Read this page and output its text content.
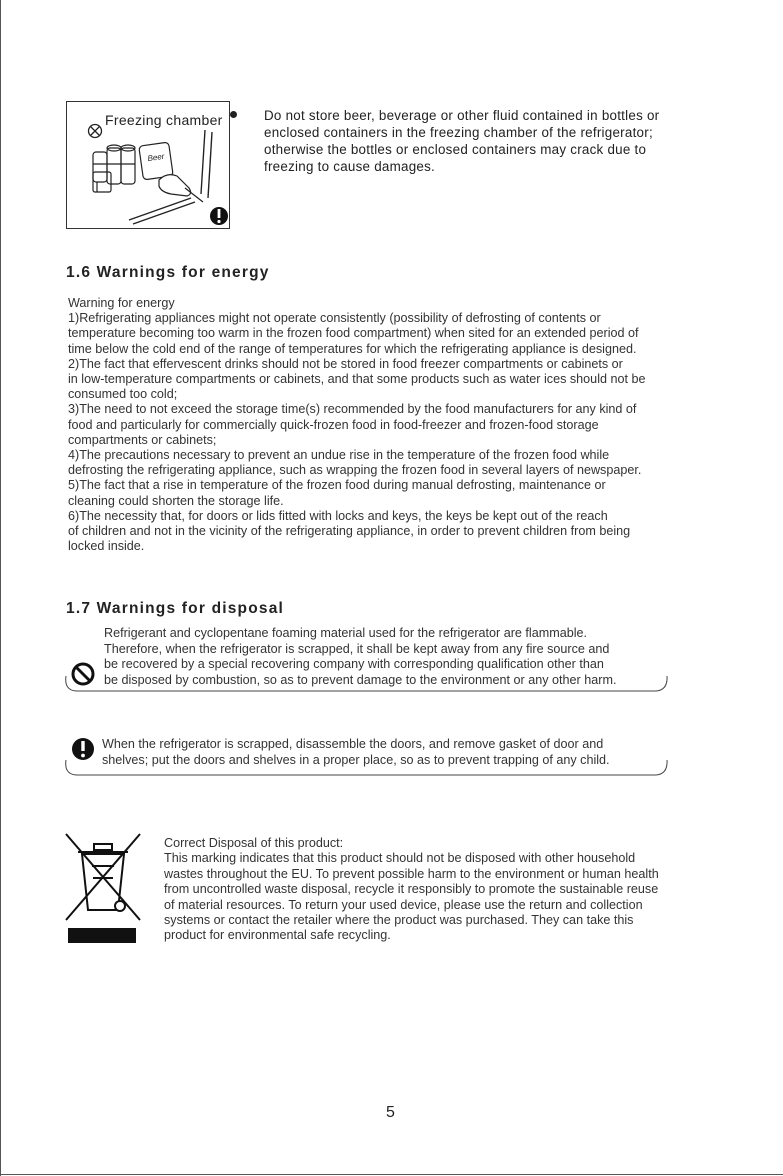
Beer
Freezing chamber	Do not store beer, beverage or other fluid contained in bottles or
enclosed containers in the freezing chamber of the refrigerator;
otherwise the bottles or enclosed containers may crack due to
freezing to cause damages.
1.6 Warnings for energy
Warning for energy
1)Refrigerating appliances might not operate consistently (possibility of defrosting of contents or
temperature becoming too warm in the frozen food compartment) when sited for an extended period of
time below the cold end of the range of temperatures for which the refrigerating appliance is designed.
2)The fact that effervescent drinks should not be stored in food freezer compartments or cabinets or
in low-temperature compartments or cabinets, and that some products such as water ices should not be
consumed too cold;
3)The need to not exceed the storage time(s) recommended by the food manufacturers for any kind of
food and particularly for commercially quick-frozen food in food-freezer and frozen-food storage
compartments or cabinets;
4)The precautions necessary to prevent an undue rise in the temperature of the frozen food while
defrosting the refrigerating appliance, such as wrapping the frozen food in several layers of newspaper.
5)The fact that a rise in temperature of the frozen food during manual defrosting, maintenance or
cleaning could shorten the storage life.
6)The necessity that, for doors or lids fitted with locks and keys, the keys be kept out of the reach
of children and not in the vicinity of the refrigerating appliance, in order to prevent children from being
locked inside.
1.7 Warnings for disposal
Refrigerant and cyclopentane foaming material used for the refrigerator are flammable.
Therefore, when the refrigerator is scrapped, it shall be kept away from any fire source and
be recovered by a special recovering company with corresponding qualification other than
be disposed by combustion, so as to prevent damage to the environment or any other harm.
When the refrigerator is scrapped, disassemble the doors, and remove gasket of door and
shelves; put the doors and shelves in a proper place, so as to prevent trapping of any child.
Correct Disposal of this product:
This marking indicates that this product should not be disposed with other household
wastes throughout the EU. To prevent possible harm to the environment or human health
from uncontrolled waste disposal, recycle it responsibly to promote the sustainable reuse
of material resources. To return your used device, please use the return and collection
systems or contact the retailer where the product was purchased. They can take this
product for environmental safe recycling.
5
